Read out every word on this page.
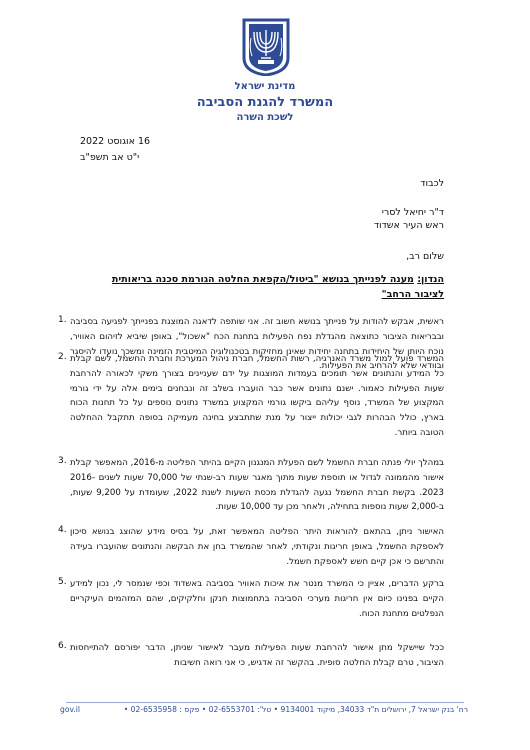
מדינת ישראל
המשרד להגנת הסביבה
לשכת השרה
16 אוגוסט 2022
י"ט אב תשפ"ב
לכבוד
ד"ר יחיאל לסרי
ראש העיר אשדוד
שלום רב,
הנדון: מענה לפנייתך בנושא "ביטול/הקפאת החלטה הגורמת סכנה בריאותית
לציבור הרחב"
1. ראשית, אבקש להודות על פנייתך בנושא חשוב זה. אני שותפה לדאגה המוצגת בפנייתך לפגיעה בסביבה ובבריאות הציבור כתוצאה מהגדלת נפח הפעילות בתחנת הכח "אשכול", באופן שיביא לזיהום האוויר, נוכח היותן של היחידות בתחנה יחידות שאינן מחזיקות בטכנולוגיה המיטבית הזמינה ומשכך נועדו להיסגר ובוודאי שלא להרחיב את הפעילות.
2. המשרד פועל למול משרד האנרגיה, רשות החשמל, חברת ניהול המערכת וחברת החשמל, לשם קבלת כל המידע והנתונים אשר תומכים בעמדות המוצגות על ידם שעניינים בצורך משקי לכאורה להרחבת שעות הפעילות כאמור. ישנם נתונים אשר כבר הועברו בשלב זה ונבחנים בימים אלה על ידי גורמי המקצוע של המשרד, נוסף עליהם ביקשו גורמי המקצוע במשרד נתונים נוספים על כל תחנות הכוח בארץ, כולל הבהרות לגבי יכולות ייצור על מנת שתתבצע בחינה מעמיקה בסופה תתקבל ההחלטה הטובה ביותר.
3. במהלך יולי פנתה חברת החשמל לשם הפעלת המנגנון הקיים בהיתר הפליטה מ-2016, המאפשר קבלת אישור מהממונה לגדול או תוספת שעות מתוך מאגר שעות רב-שנתי של 70,000 שעות לשנים 2016-2023. בקשת חברת החשמל נגעה להגדלת מכסת השעות לשנת 2022, שעומדת על 9,200 שעות, ב-2,000 שעות נוספות בתחילה, ולאחר מכן עד 10,000 שעות.
4. האישור ניתן, בהתאם להוראות היתר הפליטה המאפשר זאת, על בסיס מידע שהוצג בנושא סיכון לאספקת החשמל, באופן חריגות ונקודתי, לאחר שהמשרד בחן את הבקשה והנתונים שהועברו בעידה והתרשם כי אכן קיים חשש לאספקת חשמל.
5. ברקע הדברים, אציין כי המשרד מנטר את איכות האוויר בסביבה באשדוד וכפי שנמסר לי, נכון למידע הקיים בפנינו כיום אין חריגות מערכי הסביבה בתחמוצות חנקן וחלקיקים, שהם המזהמים העיקריים הנפלטים מתחנת הכוח.
6. ככל שיישקל מתן אישור להרחבת שעות הפעילות מעבר לאישור שניתן, הדבר יפורסם להתייחסות הציבור, טרם קבלת החלטה סופית. בהקשר זה אדגיש, כי אני רואה חשיבות
רח' בנק ישראל 7, ירושלים ת"ד 34033, מיקוד 9134001 • טל': 02-6553701 • פקס : 02-6535958 •
gov.il
